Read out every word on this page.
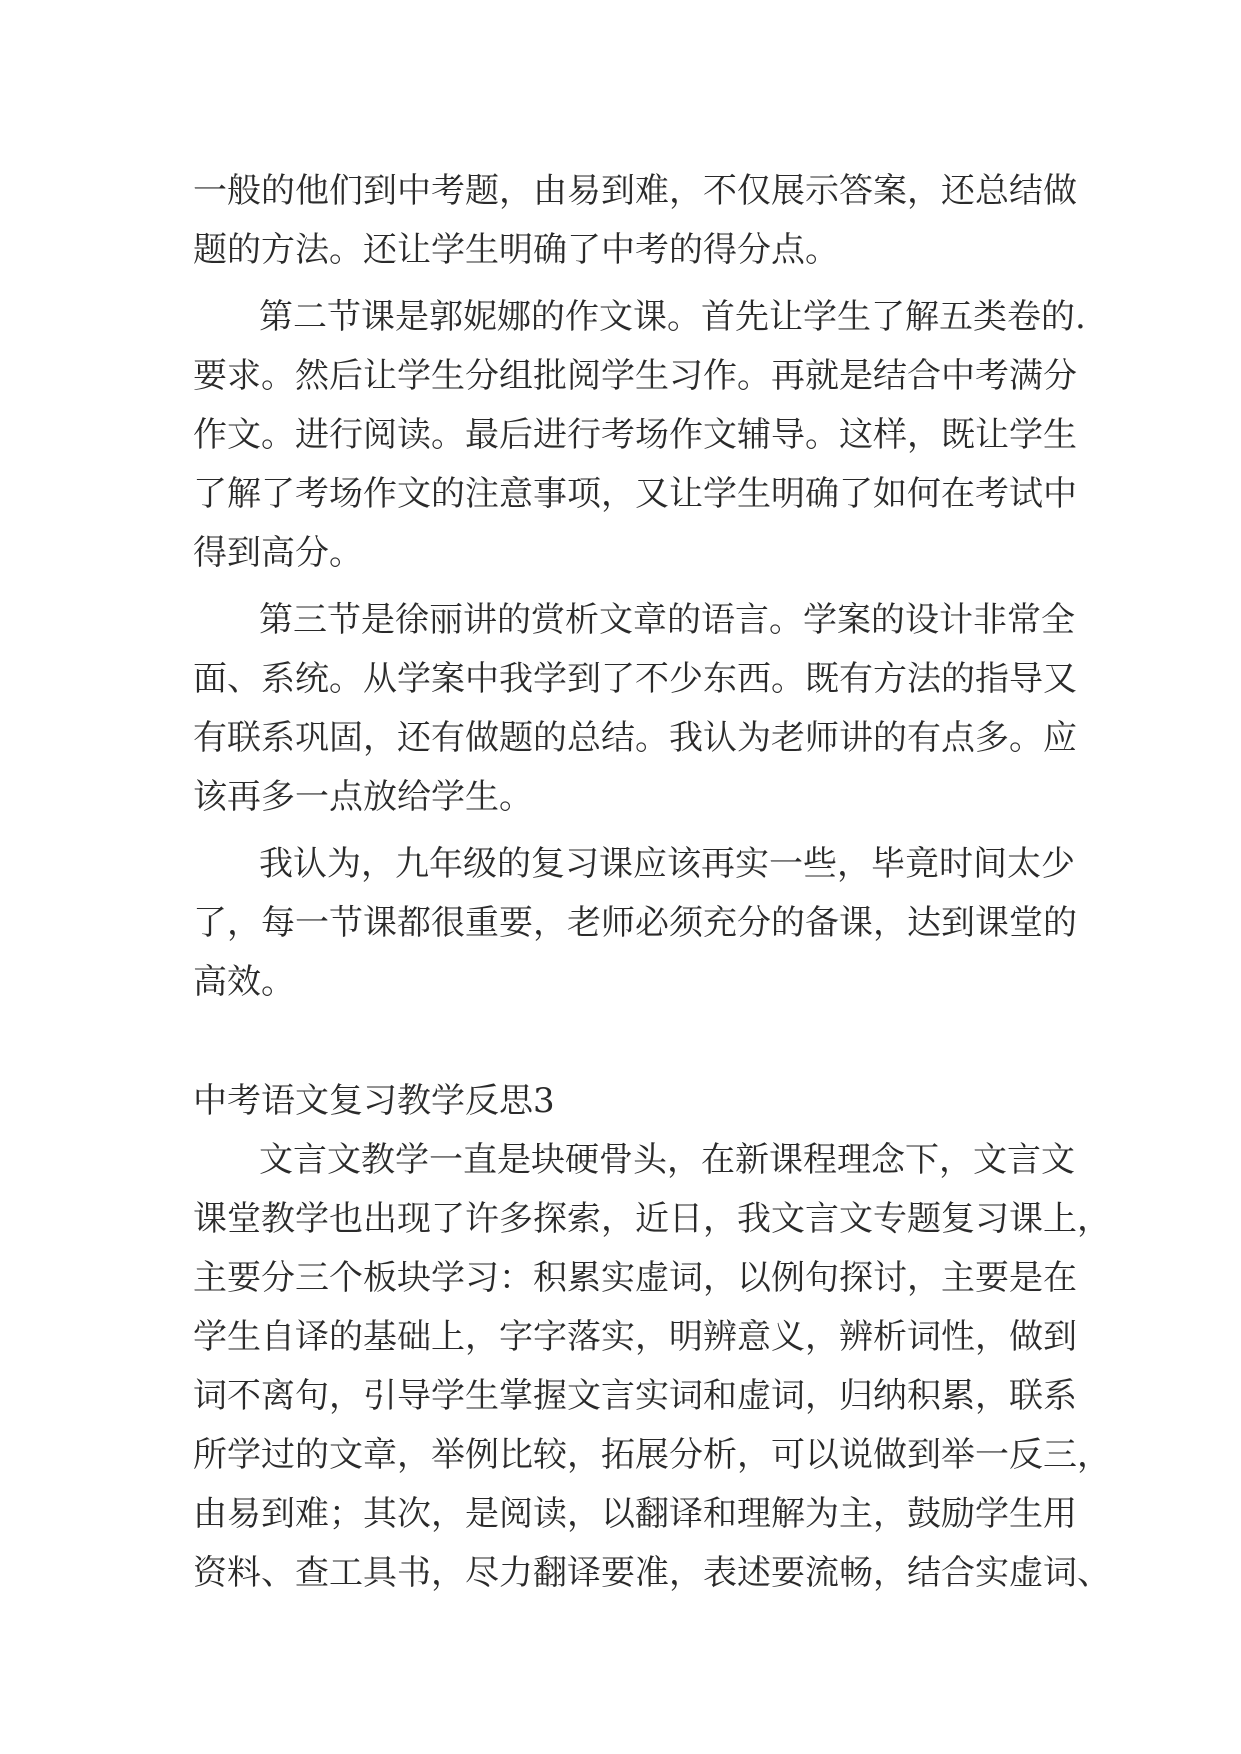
一般的他们到中考题，由易到难，不仅展示答案，还总结做
题的方法。还让学生明确了中考的得分点。
第二节课是郭妮娜的作文课。首先让学生了解五类卷的.
要求。然后让学生分组批阅学生习作。再就是结合中考满分
作文。进行阅读。最后进行考场作文辅导。这样，既让学生
了解了考场作文的注意事项，又让学生明确了如何在考试中
得到高分。
第三节是徐丽讲的赏析文章的语言。学案的设计非常全
面、系统。从学案中我学到了不少东西。既有方法的指导又
有联系巩固，还有做题的总结。我认为老师讲的有点多。应
该再多一点放给学生。
我认为，九年级的复习课应该再实一些，毕竟时间太少
了，每一节课都很重要，老师必须充分的备课，达到课堂的
高效。
中考语文复习教学反思3
文言文教学一直是块硬骨头，在新课程理念下，文言文
课堂教学也出现了许多探索，近日，我文言文专题复习课上，
主要分三个板块学习：积累实虚词，以例句探讨，主要是在
学生自译的基础上，字字落实，明辨意义，辨析词性，做到
词不离句，引导学生掌握文言实词和虚词，归纳积累，联系
所学过的文章，举例比较，拓展分析，可以说做到举一反三，
由易到难；其次，是阅读，以翻译和理解为主，鼓励学生用
资料、查工具书，尽力翻译要准，表述要流畅，结合实虚词、
